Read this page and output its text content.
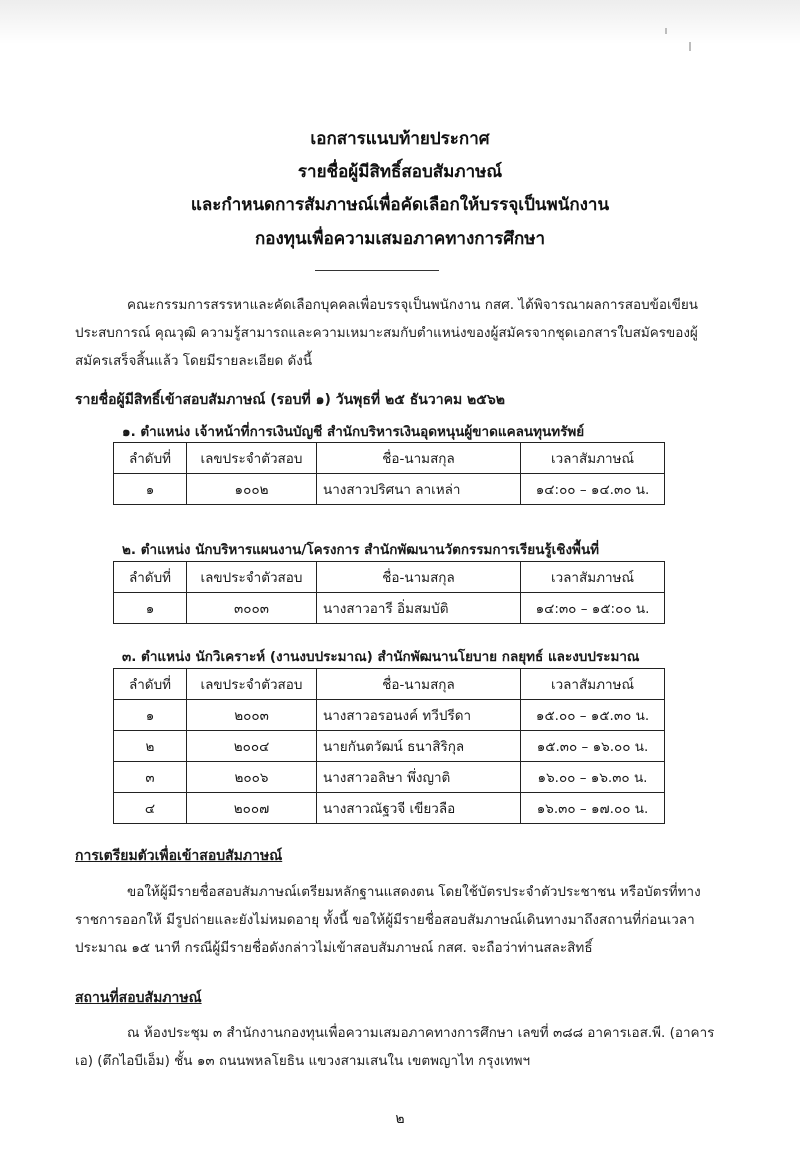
เอกสารแนบท้ายประกาศ
รายชื่อผู้มีสิทธิ์สอบสัมภาษณ์
และกำหนดการสัมภาษณ์เพื่อคัดเลือกให้บรรจุเป็นพนักงาน
กองทุนเพื่อความเสมอภาคทางการศึกษา
คณะกรรมการสรรหาและคัดเลือกบุคคลเพื่อบรรจุเป็นพนักงาน กสศ. ได้พิจารณาผลการสอบข้อเขียน ประสบการณ์ คุณวุฒิ ความรู้สามารถและความเหมาะสมกับตำแหน่งของผู้สมัครจากชุดเอกสารใบสมัครของผู้สมัครเสร็จสิ้นแล้ว โดยมีรายละเอียด ดังนี้
รายชื่อผู้มีสิทธิ์เข้าสอบสัมภาษณ์ (รอบที่ ๑) วันพุธที่ ๒๕ ธันวาคม ๒๕๖๒
๑. ตำแหน่ง เจ้าหน้าที่การเงินบัญชี สำนักบริหารเงินอุดหนุนผู้ขาดแคลนทุนทรัพย์
ลำดับที่	เลขประจำตัวสอบ	ชื่อ-นามสกุล	เวลาสัมภาษณ์
๑	๑๐๐๒	นางสาวปริศนา ลาเหล่า	๑๔:๐๐ – ๑๔.๓๐ น.
๒. ตำแหน่ง นักบริหารแผนงาน/โครงการ สำนักพัฒนานวัตกรรมการเรียนรู้เชิงพื้นที่
ลำดับที่	เลขประจำตัวสอบ	ชื่อ-นามสกุล	เวลาสัมภาษณ์
๑	๓๐๐๓	นางสาวอารี อิ่มสมบัติ	๑๔:๓๐ – ๑๕:๐๐ น.
๓. ตำแหน่ง นักวิเคราะห์ (งานงบประมาณ) สำนักพัฒนานโยบาย กลยุทธ์ และงบประมาณ
ลำดับที่	เลขประจำตัวสอบ	ชื่อ-นามสกุล	เวลาสัมภาษณ์
๑	๒๐๐๓	นางสาวอรอนงค์ ทวีปรีดา	๑๕.๐๐ – ๑๕.๓๐ น.
๒	๒๐๐๔	นายกันตวัฒน์ ธนาสิริกุล	๑๕.๓๐ – ๑๖.๐๐ น.
๓	๒๐๐๖	นางสาวอลิษา พึ่งญาติ	๑๖.๐๐ – ๑๖.๓๐ น.
๔	๒๐๐๗	นางสาวณัฐวจี เขียวลือ	๑๖.๓๐ – ๑๗.๐๐ น.
การเตรียมตัวเพื่อเข้าสอบสัมภาษณ์
ขอให้ผู้มีรายชื่อสอบสัมภาษณ์เตรียมหลักฐานแสดงตน โดยใช้บัตรประจำตัวประชาชน หรือบัตรที่ทางราชการออกให้ มีรูปถ่ายและยังไม่หมดอายุ ทั้งนี้ ขอให้ผู้มีรายชื่อสอบสัมภาษณ์เดินทางมาถึงสถานที่ก่อนเวลาประมาณ ๑๕ นาที กรณีผู้มีรายชื่อดังกล่าวไม่เข้าสอบสัมภาษณ์ กสศ. จะถือว่าท่านสละสิทธิ์
สถานที่สอบสัมภาษณ์
ณ ห้องประชุม ๓ สำนักงานกองทุนเพื่อความเสมอภาคทางการศึกษา เลขที่ ๓๘๘ อาคารเอส.พี. (อาคารเอ) (ตึกไอบีเอ็ม) ชั้น ๑๓ ถนนพหลโยธิน แขวงสามเสนใน เขตพญาไท กรุงเทพฯ
๒
